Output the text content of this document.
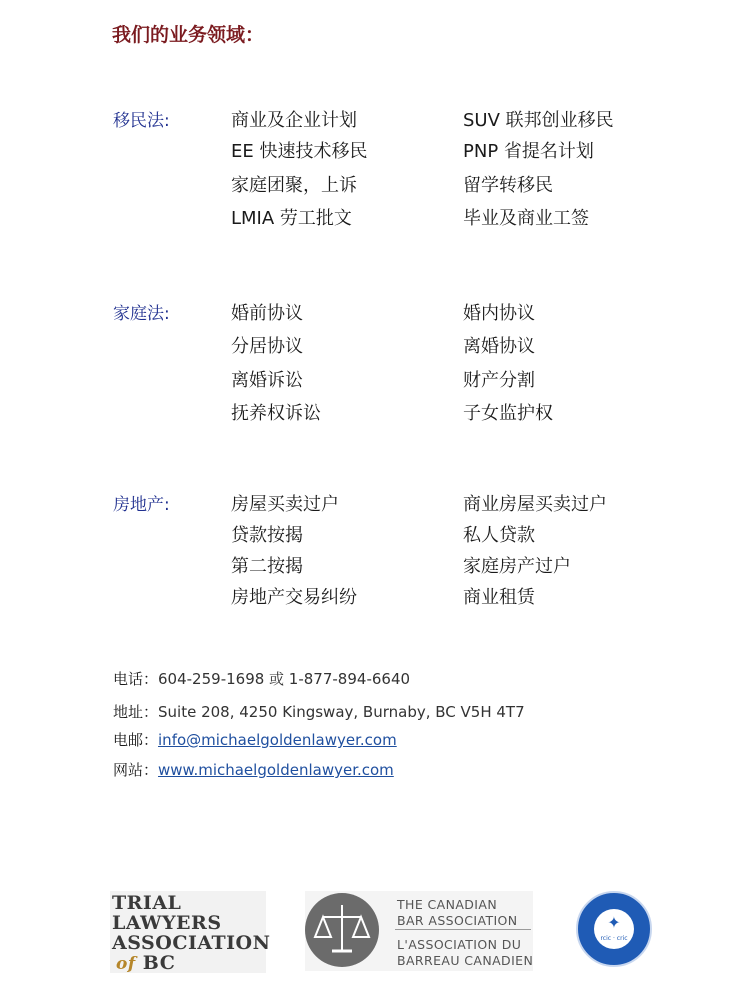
我们的业务领域：
移民法:	商业及企业计划	SUV 联邦创业移民
EE 快速技术移民	PNP 省提名计划
家庭团聚，上诉	留学转移民
LMIA 劳工批文	毕业及商业工签
家庭法:	婚前协议	婚内协议
分居协议	离婚协议
离婚诉讼	财产分割
抚养权诉讼	子女监护权
房地产:	房屋买卖过户	商业房屋买卖过户
贷款按揭	私人贷款
第二按揭	家庭房产过户
房地产交易纠纷	商业租赁
电话：604-259-1698 或 1-877-894-6640
地址：Suite 208, 4250 Kingsway, Burnaby, BC V5H 4T7
电邮：info@michaelgoldenlawyer.com
网站：www.michaelgoldenlawyer.com
TRIAL
LAWYERS
ASSOCIATION
of BC
THE CANADIAN
BAR ASSOCIATION
L'ASSOCIATION DU
BARREAU CANADIEN
✦
rcic · cric
